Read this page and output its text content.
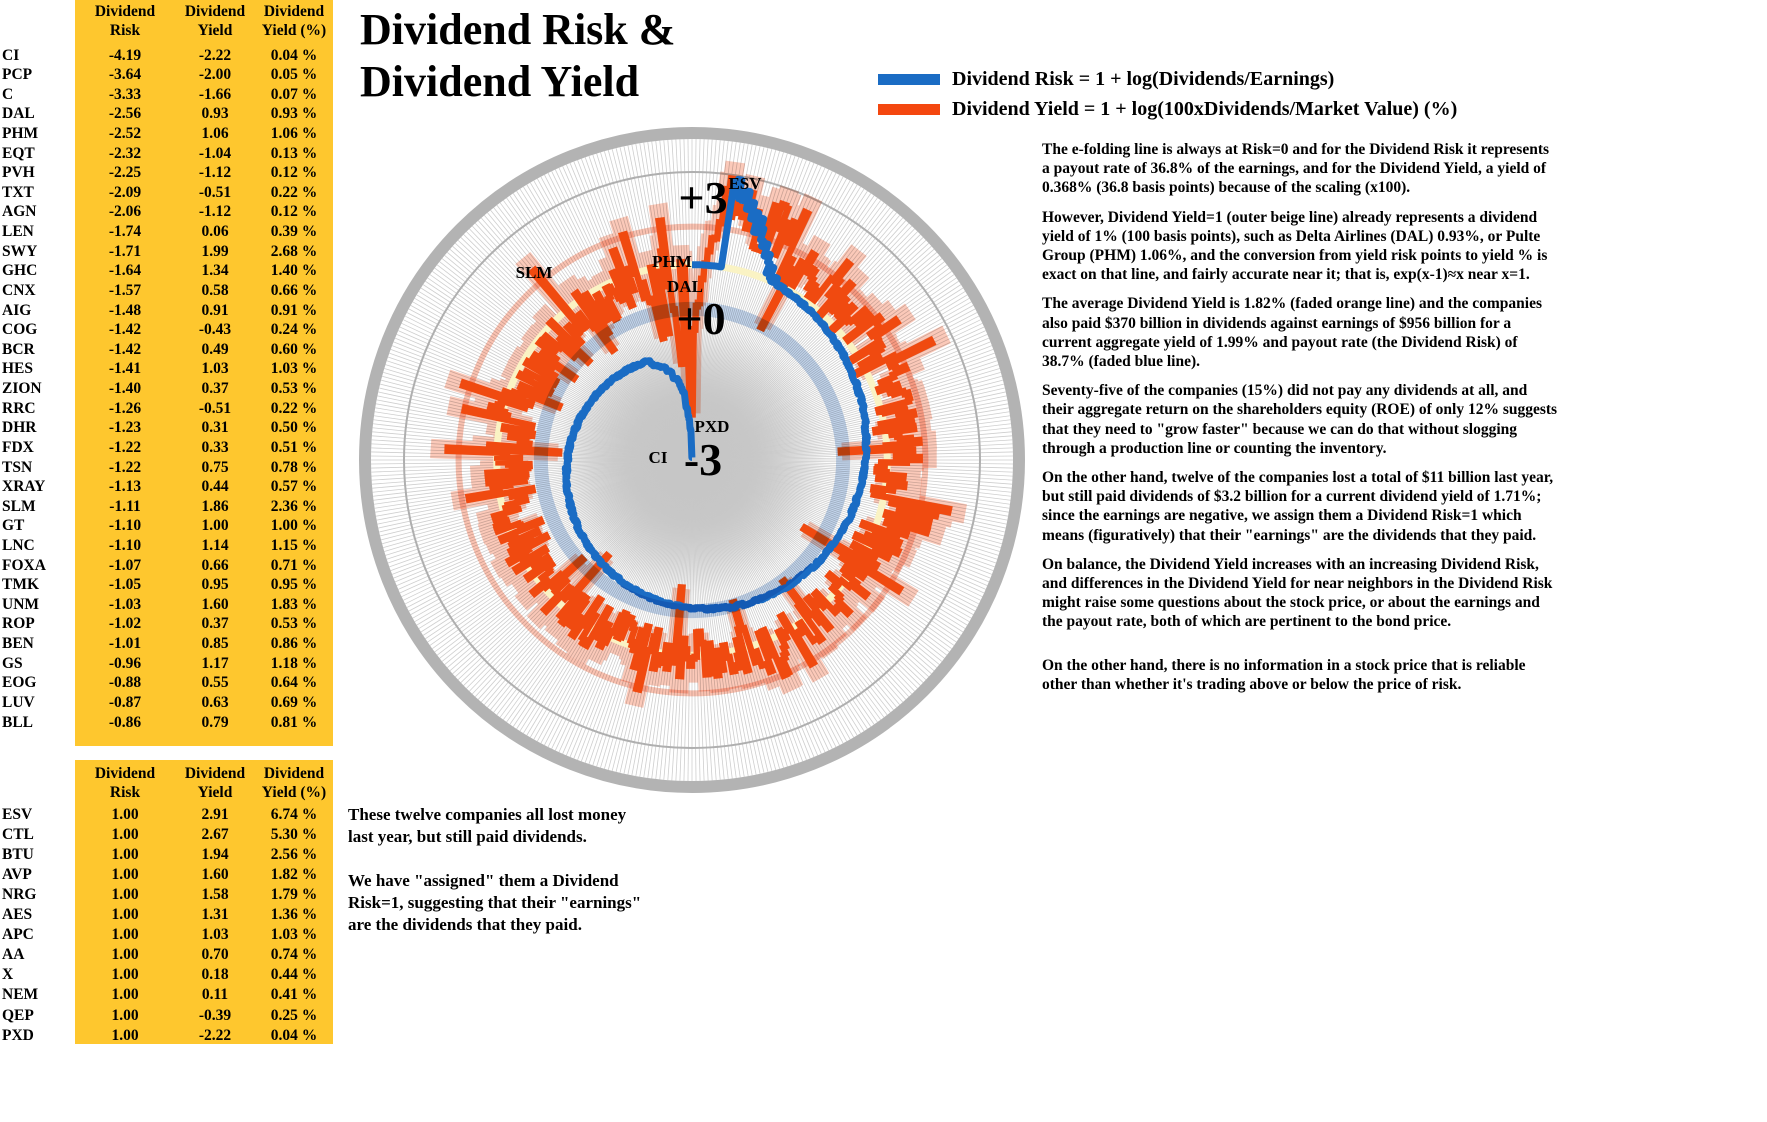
Dividend
Risk
Dividend
Yield
Dividend
Yield (%)
CI	-4.19	-2.22	0.04 %
PCP	-3.64	-2.00	0.05 %
C	-3.33	-1.66	0.07 %
DAL	-2.56	0.93	0.93 %
PHM	-2.52	1.06	1.06 %
EQT	-2.32	-1.04	0.13 %
PVH	-2.25	-1.12	0.12 %
TXT	-2.09	-0.51	0.22 %
AGN	-2.06	-1.12	0.12 %
LEN	-1.74	0.06	0.39 %
SWY	-1.71	1.99	2.68 %
GHC	-1.64	1.34	1.40 %
CNX	-1.57	0.58	0.66 %
AIG	-1.48	0.91	0.91 %
COG	-1.42	-0.43	0.24 %
BCR	-1.42	0.49	0.60 %
HES	-1.41	1.03	1.03 %
ZION	-1.40	0.37	0.53 %
RRC	-1.26	-0.51	0.22 %
DHR	-1.23	0.31	0.50 %
FDX	-1.22	0.33	0.51 %
TSN	-1.22	0.75	0.78 %
XRAY	-1.13	0.44	0.57 %
SLM	-1.11	1.86	2.36 %
GT	-1.10	1.00	1.00 %
LNC	-1.10	1.14	1.15 %
FOXA	-1.07	0.66	0.71 %
TMK	-1.05	0.95	0.95 %
UNM	-1.03	1.60	1.83 %
ROP	-1.02	0.37	0.53 %
BEN	-1.01	0.85	0.86 %
GS	-0.96	1.17	1.18 %
EOG	-0.88	0.55	0.64 %
LUV	-0.87	0.63	0.69 %
BLL	-0.86	0.79	0.81 %
Dividend
Risk
Dividend
Yield
Dividend
Yield (%)
ESV	1.00	2.91	6.74 %
CTL	1.00	2.67	5.30 %
BTU	1.00	1.94	2.56 %
AVP	1.00	1.60	1.82 %
NRG	1.00	1.58	1.79 %
AES	1.00	1.31	1.36 %
APC	1.00	1.03	1.03 %
AA	1.00	0.70	0.74 %
X	1.00	0.18	0.44 %
NEM	1.00	0.11	0.41 %
QEP	1.00	-0.39	0.25 %
PXD	1.00	-2.22	0.04 %
Dividend Risk &
Dividend Yield	Dividend Risk = 1 + log(Dividends/Earnings)
Dividend Yield = 1 + log(100xDividends/Market Value) (%)
+3
+0
-3
ESV
SLM
PHM
DAL
PXD
CI
These twelve companies all lost money
last year, but still paid dividends.
We have "assigned" them a Dividend
Risk=1, suggesting that their "earnings"
are the dividends that they paid.

The e-folding line is always at Risk=0 and for the Dividend Risk it represents a payout rate of 36.8% of the earnings, and for the Dividend Yield, a yield of 0.368% (36.8 basis points) because of the scaling (x100).

However, Dividend Yield=1 (outer beige line) already represents a dividend yield of 1% (100 basis points), such as Delta Airlines (DAL) 0.93%, or Pulte Group (PHM) 1.06%, and the conversion from yield risk points to yield % is exact on that line, and fairly accurate near it; that is, exp(x-1)≈x near x=1.

The average Dividend Yield is 1.82% (faded orange line) and the companies also paid $370 billion in dividends against earnings of $956 billion for a current aggregate yield of 1.99% and payout rate (the Dividend Risk) of 38.7% (faded blue line).

Seventy-five of the companies (15%) did not pay any dividends at all, and their aggregate return on the shareholders equity (ROE) of only 12% suggests that they need to "grow faster" because we can do that without slogging through a production line or counting the inventory.

On the other hand, twelve of the companies lost a total of $11 billion last year, but still paid dividends of $3.2 billion for a current dividend yield of 1.71%; since the earnings are negative, we assign them a Dividend Risk=1 which means (figuratively) that their "earnings" are the dividends that they paid.

On balance, the Dividend Yield increases with an increasing Dividend Risk, and differences in the Dividend Yield for near neighbors in the Dividend Risk might raise some questions about the stock price, or about the earnings and the payout rate, both of which are pertinent to the bond price.

On the other hand, there is no information in a stock price that is reliable other than whether it's trading above or below the price of risk.
